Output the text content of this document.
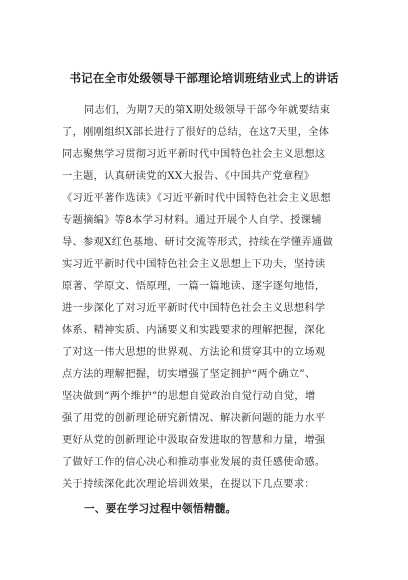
书记在全市处级领导干部理论培训班结业式上的讲话
同志们，为期7天的第X期处级领导干部今年就要结束
了，刚刚组织X部长进行了很好的总结，在这7天里，全体
同志聚焦学习贯彻习近平新时代中国特色社会主义思想这
一主题，认真研读党的XX大报告、《中国共产党章程》
《习近平著作选读》《习近平新时代中国特色社会主义思想
专题摘编》等8本学习材料。通过开展个人自学、授课辅
导、参观X红色基地、研讨交流等形式，持续在学懂弄通做
实习近平新时代中国特色社会主义思想上下功夫，坚持读
原著、学原文、悟原理，一篇一篇地读、逐字逐句地悟，
进一步深化了对习近平新时代中国特色社会主义思想科学
体系、精神实质、内涵要义和实践要求的理解把握，深化
了对这一伟大思想的世界观、方法论和贯穿其中的立场观
点方法的理解把握，切实增强了坚定拥护“两个确立”、
坚决做到“两个维护”的思想自觉政治自觉行动自觉，增
强了用党的创新理论研究新情况、解决新问题的能力水平
更好从党的创新理论中汲取奋发进取的智慧和力量，增强
了做好工作的信心决心和推动事业发展的责任感使命感。
关于持续深化此次理论培训效果，在提以下几点要求：
一、要在学习过程中领悟精髓。
